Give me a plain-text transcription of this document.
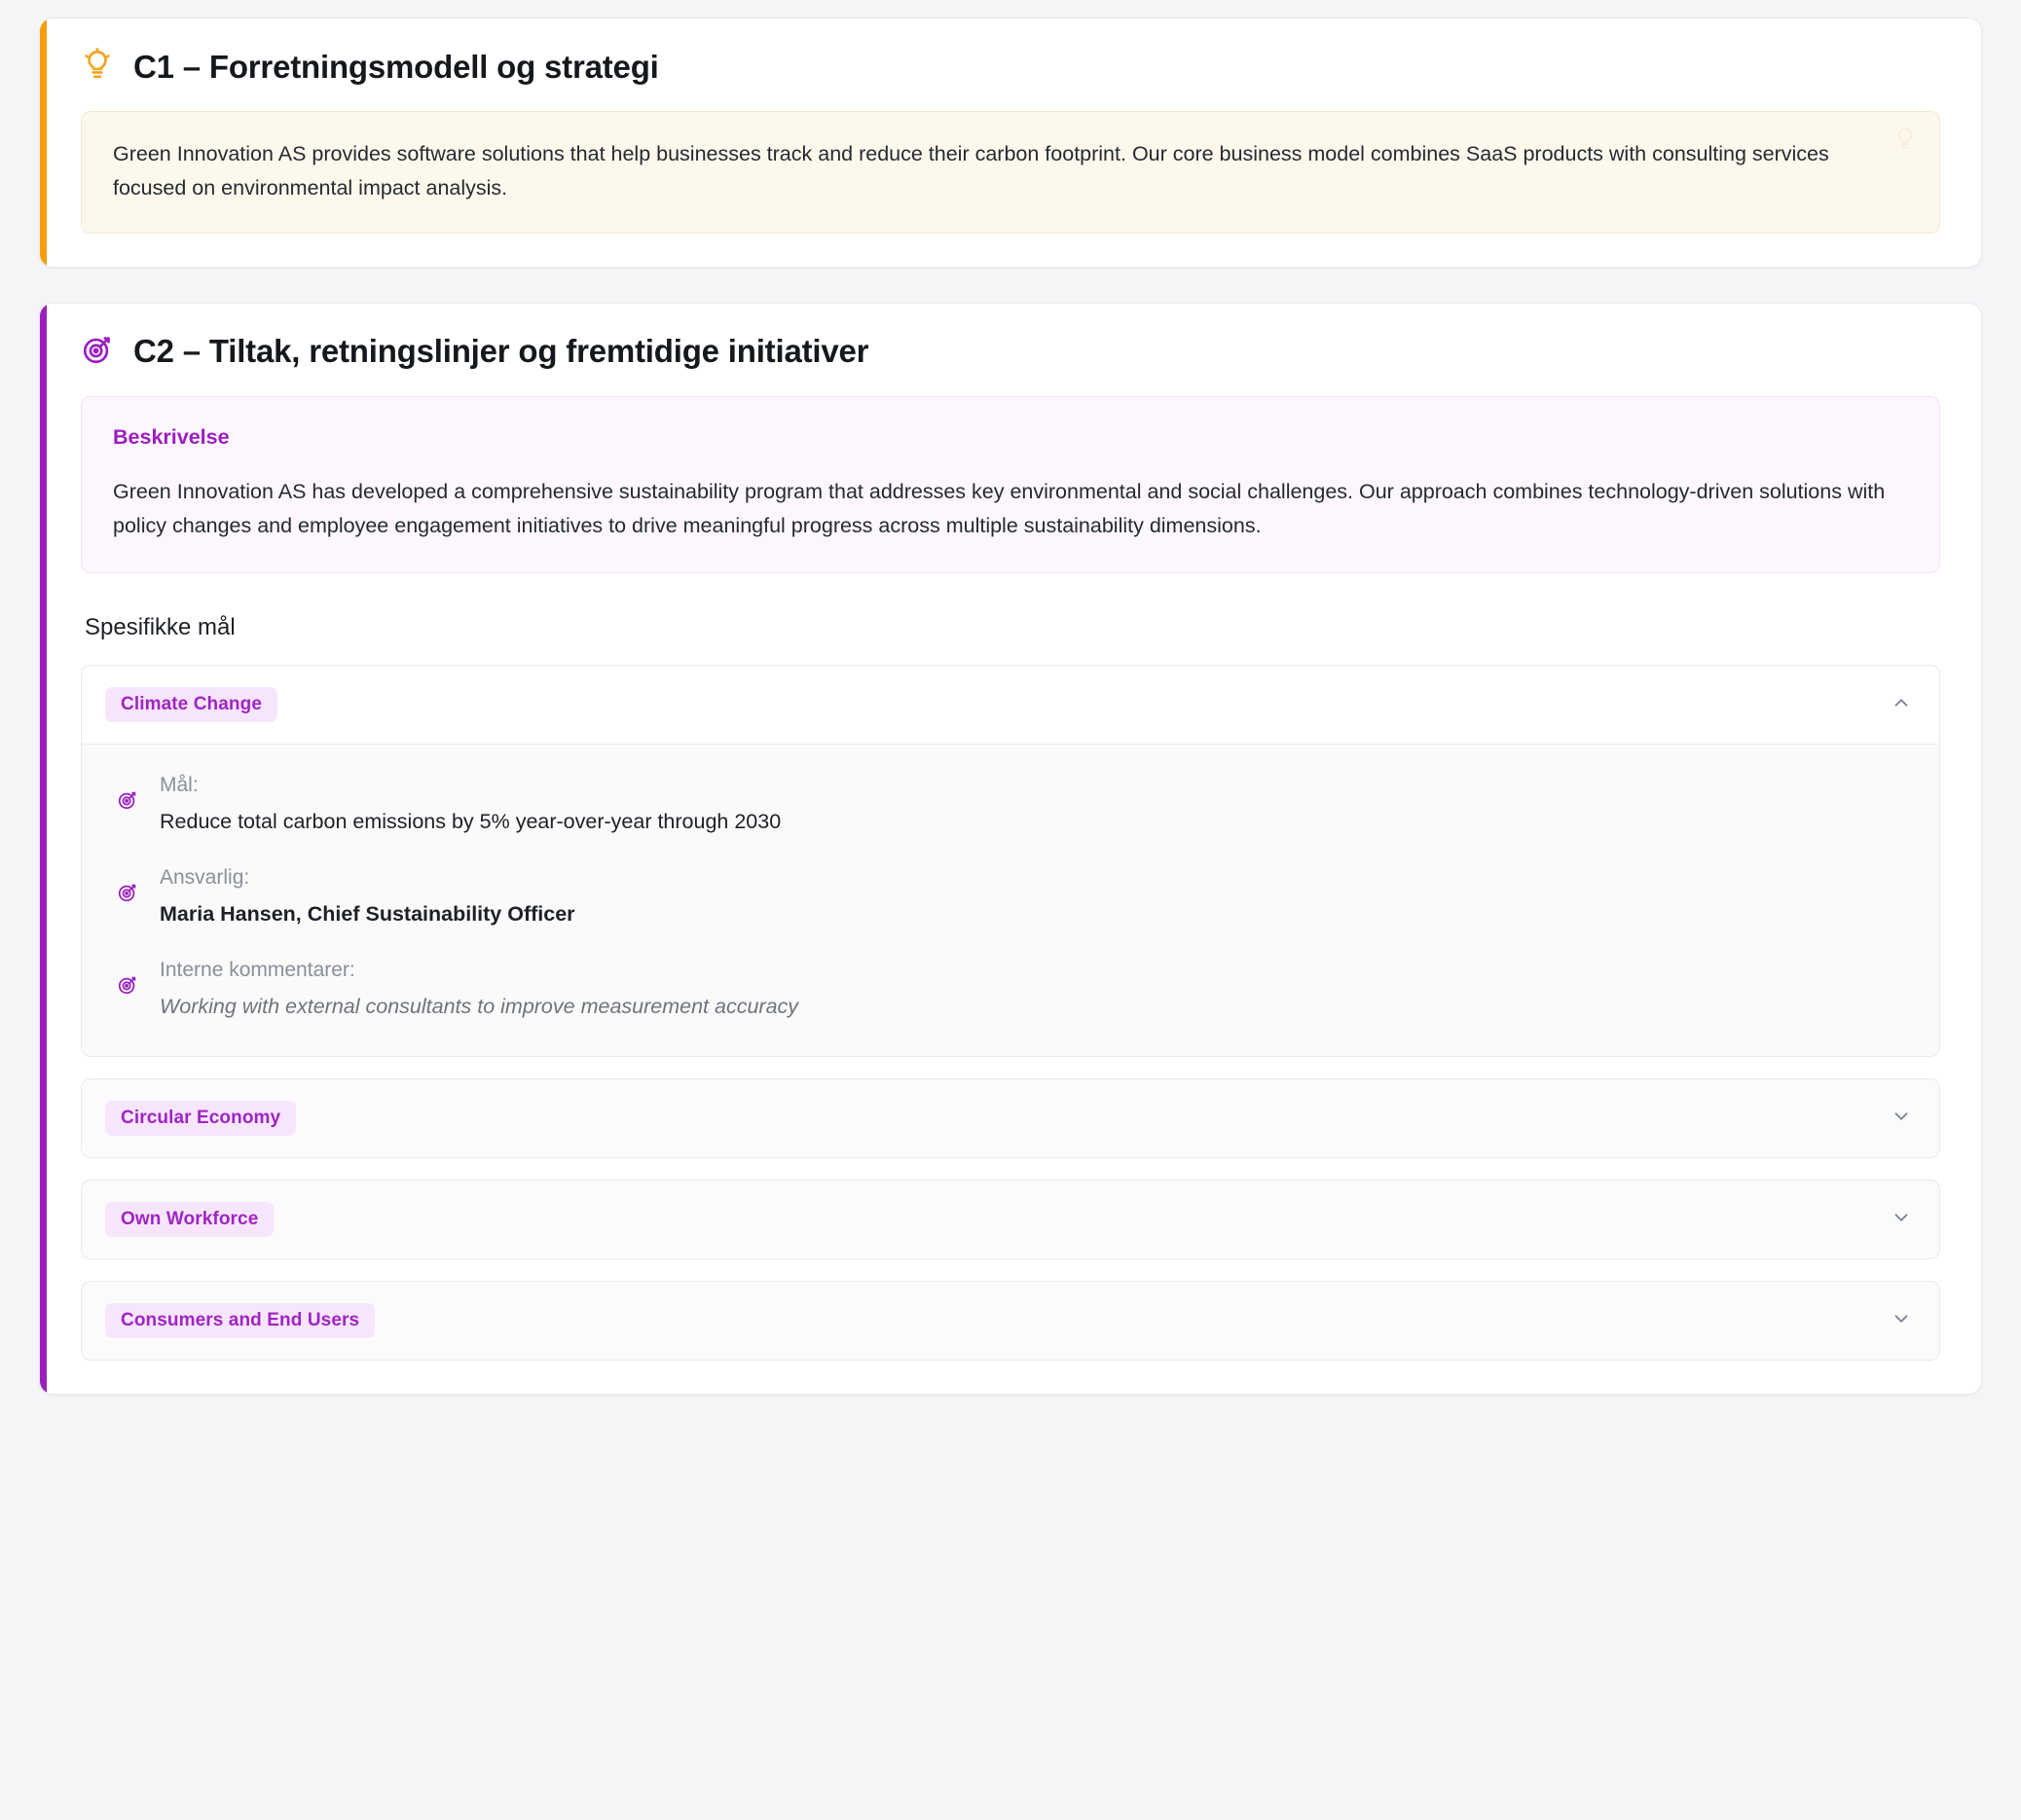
C1 – Forretningsmodell og strategi

Green Innovation AS provides software solutions that help businesses track and reduce their carbon footprint. Our core business model combines SaaS products with consulting services focused on environmental impact analysis.

C2 – Tiltak, retningslinjer og fremtidige initiativer

Beskrivelse

Green Innovation AS has developed a comprehensive sustainability program that addresses key environmental and social challenges. Our approach combines technology-driven solutions with policy changes and employee engagement initiatives to drive meaningful progress across multiple sustainability dimensions.

Spesifikke mål

Climate Change

Mål:

Reduce total carbon emissions by 5% year-over-year through 2030

Ansvarlig:

Maria Hansen, Chief Sustainability Officer

Interne kommentarer:

Working with external consultants to improve measurement accuracy

Circular Economy
Own Workforce
Consumers and End Users
